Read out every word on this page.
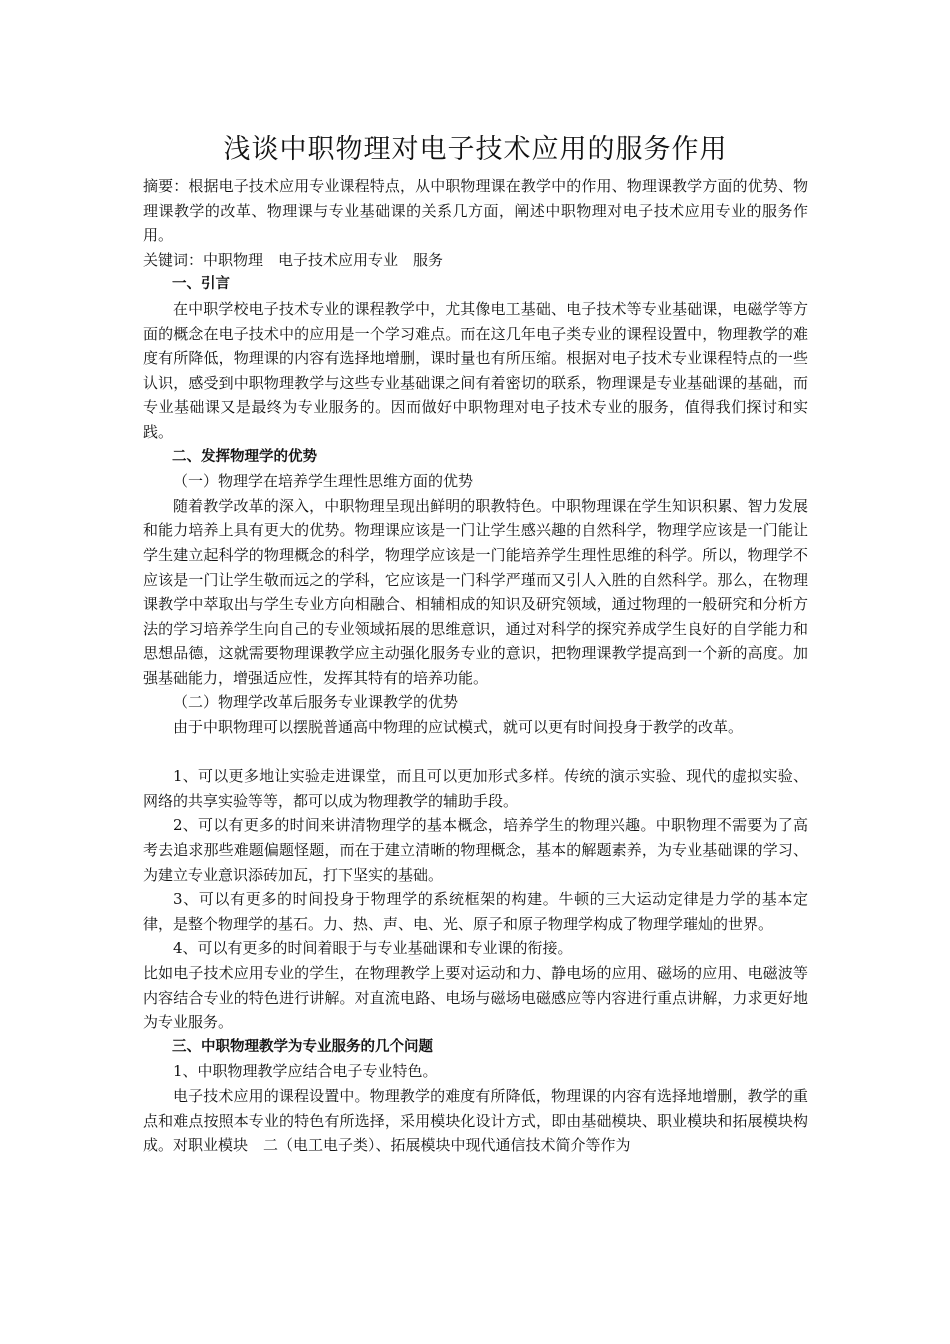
浅谈中职物理对电子技术应用的服务作用

摘要：根据电子技术应用专业课程特点，从中职物理课在教学中的作用、物理课教学方面的优势、物理课教学的改革、物理课与专业基础课的关系几方面，阐述中职物理对电子技术应用专业的服务作用。

关键词：中职物理　电子技术应用专业　服务

一、引言

在中职学校电子技术专业的课程教学中，尤其像电工基础、电子技术等专业基础课，电磁学等方面的概念在电子技术中的应用是一个学习难点。而在这几年电子类专业的课程设置中，物理教学的难度有所降低，物理课的内容有选择地增删，课时量也有所压缩。根据对电子技术专业课程特点的一些认识，感受到中职物理教学与这些专业基础课之间有着密切的联系，物理课是专业基础课的基础，而专业基础课又是最终为专业服务的。因而做好中职物理对电子技术专业的服务，值得我们探讨和实践。

二、发挥物理学的优势

（一）物理学在培养学生理性思维方面的优势

随着教学改革的深入，中职物理呈现出鲜明的职教特色。中职物理课在学生知识积累、智力发展和能力培养上具有更大的优势。物理课应该是一门让学生感兴趣的自然科学，物理学应该是一门能让学生建立起科学的物理概念的科学，物理学应该是一门能培养学生理性思维的科学。所以，物理学不应该是一门让学生敬而远之的学科，它应该是一门科学严瑾而又引人入胜的自然科学。那么，在物理课教学中萃取出与学生专业方向相融合、相辅相成的知识及研究领域，通过物理的一般研究和分析方法的学习培养学生向自己的专业领域拓展的思维意识，通过对科学的探究养成学生良好的自学能力和思想品德，这就需要物理课教学应主动强化服务专业的意识，把物理课教学提高到一个新的高度。加强基础能力，增强适应性，发挥其特有的培养功能。

（二）物理学改革后服务专业课教学的优势

由于中职物理可以摆脱普通高中物理的应试模式，就可以更有时间投身于教学的改革。

1、可以更多地让实验走进课堂，而且可以更加形式多样。传统的演示实验、现代的虚拟实验、网络的共享实验等等，都可以成为物理教学的辅助手段。

2、可以有更多的时间来讲清物理学的基本概念，培养学生的物理兴趣。中职物理不需要为了高考去追求那些难题偏题怪题，而在于建立清晰的物理概念，基本的解题素养，为专业基础课的学习、为建立专业意识添砖加瓦，打下坚实的基础。

3、可以有更多的时间投身于物理学的系统框架的构建。牛顿的三大运动定律是力学的基本定律，是整个物理学的基石。力、热、声、电、光、原子和原子物理学构成了物理学璀灿的世界。

4、可以有更多的时间着眼于与专业基础课和专业课的衔接。

比如电子技术应用专业的学生，在物理教学上要对运动和力、静电场的应用、磁场的应用、电磁波等内容结合专业的特色进行讲解。对直流电路、电场与磁场电磁感应等内容进行重点讲解，力求更好地为专业服务。

三、中职物理教学为专业服务的几个问题

1、中职物理教学应结合电子专业特色。

电子技术应用的课程设置中。物理教学的难度有所降低，物理课的内容有选择地增删，教学的重点和难点按照本专业的特色有所选择，采用模块化设计方式，即由基础模块、职业模块和拓展模块构成。对职业模块　二（电工电子类）、拓展模块中现代通信技术简介等作为
